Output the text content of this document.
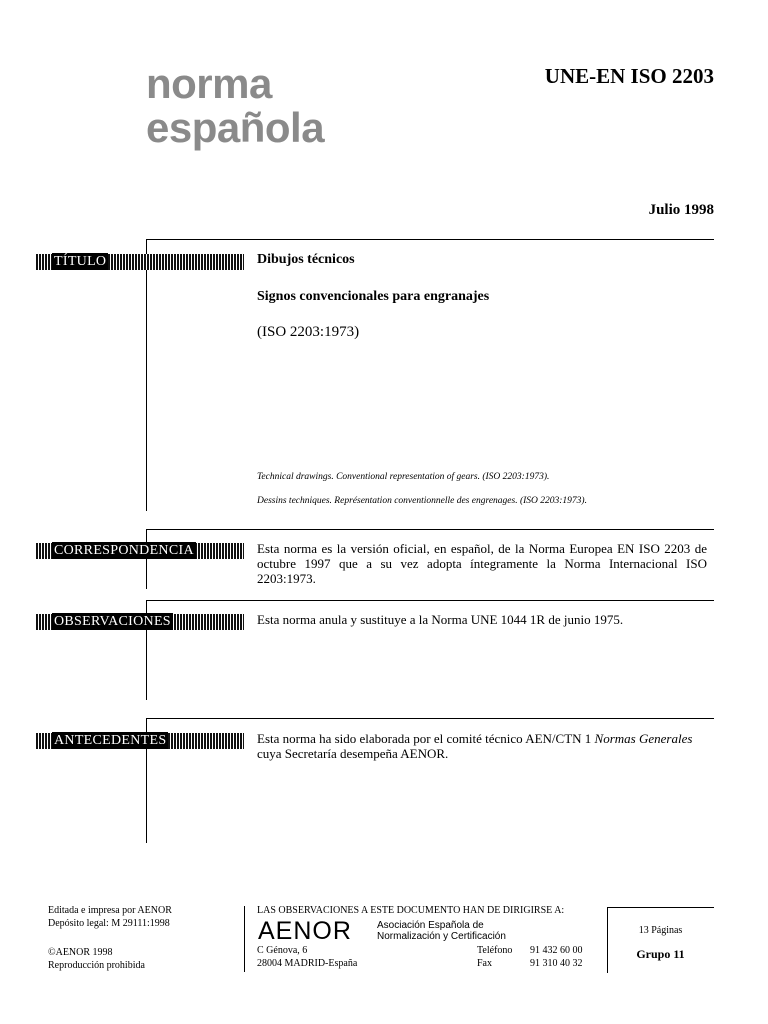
norma
española
UNE-EN ISO 2203
Julio 1998
TÍTULO	Dibujos técnicos
Signos convencionales para engranajes
(ISO 2203:1973)
Technical drawings. Conventional representation of gears. (ISO 2203:1973).
Dessins techniques. Représentation conventionnelle des engrenages. (ISO 2203:1973).
CORRESPONDENCIA	Esta norma es la versión oficial, en español, de la Norma Europea EN ISO 2203 de octubre 1997 que a su vez adopta íntegramente la Norma Internacional ISO 2203:1973.
OBSERVACIONES	Esta norma anula y sustituye a la Norma UNE 1044 1R de junio 1975.
ANTECEDENTES	Esta norma ha sido elaborada por el comité técnico AEN/CTN 1 Normas Generales cuya Secretaría desempeña AENOR.
Editada e impresa por AENOR
Depósito legal: M 29111:1998
©AENOR 1998
Reproducción prohibida
LAS OBSERVACIONES A ESTE DOCUMENTO HAN DE DIRIGIRSE A:
AENOR	Asociación Española de
Normalización y Certificación
C Génova, 6
28004 MADRID-España
Teléfono 91 432 60 00
Fax	91 310 40 32
13 Páginas
Grupo 11
